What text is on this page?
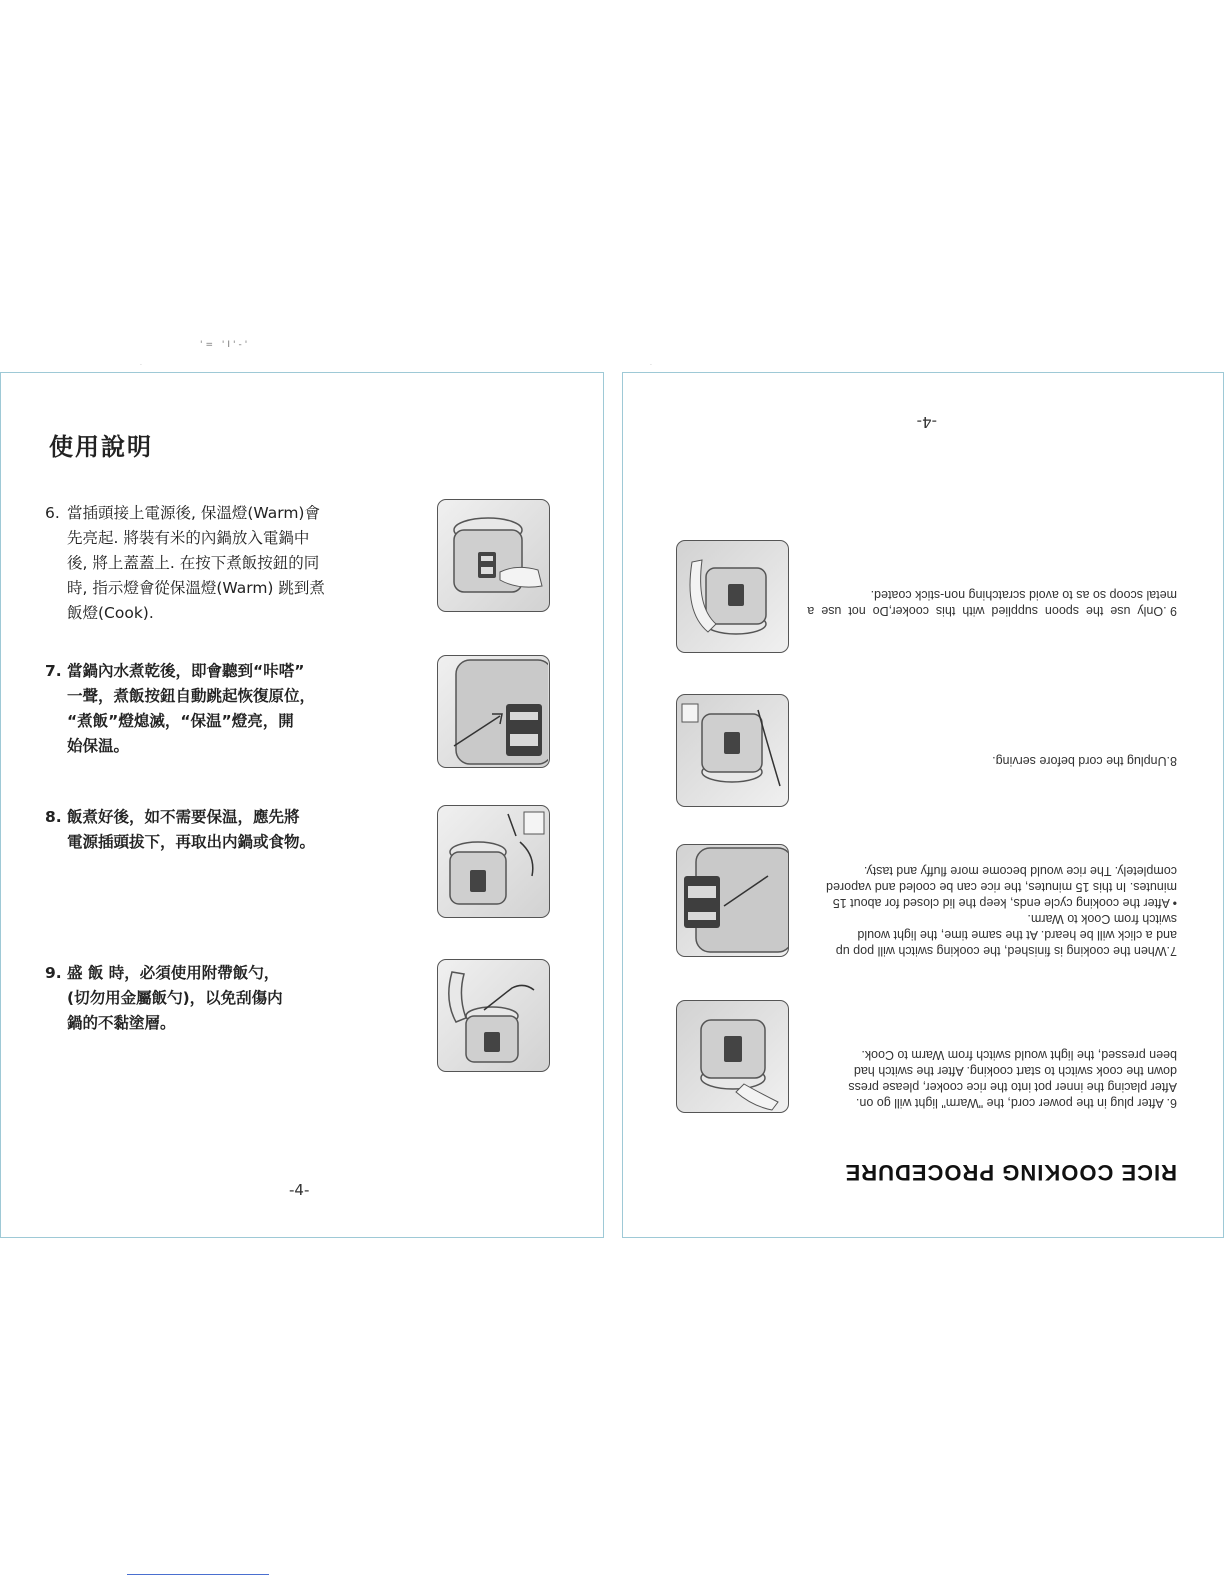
'= 'I'-'
·	·
使用說明
6. 當插頭接上電源後, 保溫燈(Warm)會
先亮起. 將裝有米的內鍋放入電鍋中
後, 將上蓋蓋上. 在按下煮飯按鈕的同
時, 指示燈會從保溫燈(Warm) 跳到煮
飯燈(Cook).
7. 當鍋內水煮乾後，即會聽到“咔嗒”
一聲，煮飯按鈕自動跳起恢復原位，
“煮飯”燈熄滅，“保温”燈亮，開
始保温。
8. 飯煮好後，如不需要保温，應先將
電源插頭拔下，再取出内鍋或食物。
9. 盛 飯 時，必須使用附帶飯勺，
(切勿用金屬飯勺)，以免刮傷内
鍋的不黏塗層。
-4-
RICE COOKING PROCEDURE
6. After plug in the power cord, the "Warm" light will go on.
After placing the inner pot into the rice cooker, please press
down the cook switch to start cooking. After the switch had
been pressed, the light would switch from Warm to Cook.
7.When the cooking is finished, the cooking switch will pop up
and a click will be heard. At the same time, the light would
switch from Cook to Warm.
• After the cooking cycle ends, keep the lid closed for about 15
minutes. In this 15 minutes, the rice can be cooled and vapored
completely. The rice would become more fluffy and tasty.
8.Unplug the cord before serving.
9 .Only  use  the  spoon  supplied  with  this  cooker,Do  not  use  a
metal scoop so as to avoid scratching non-stick coated.
-4-
